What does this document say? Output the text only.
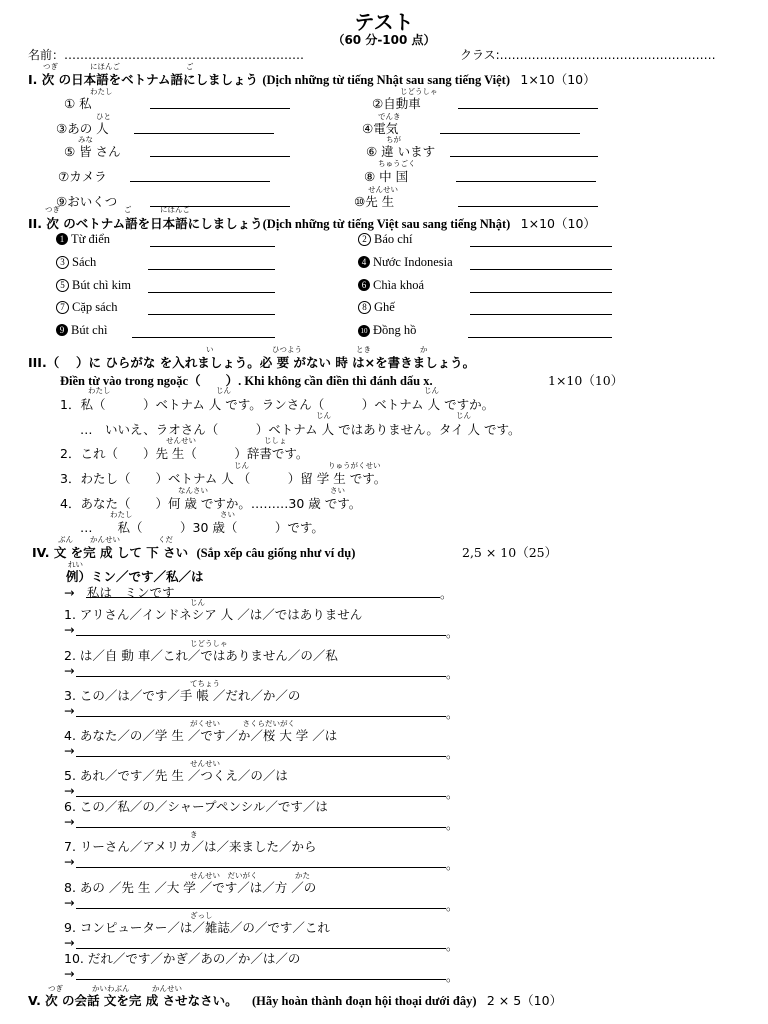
テスト
（60 分-100 点）
名前：……………………………………………………	クラス:………………………………………………
つぎ	にほんご	ご
I. 次 の日本語をベトナム語にしましょう (Dịch những từ tiếng Nhật sau sang tiếng Việt) 1×10（10）
わたし
① 私
じどうしゃ
②自動車
ひと
③あの 人
でんき
④電気
みな
⑤ 皆 さん
ちが
⑥ 違 います
⑦カメラ
ちゅうごく
⑧ 中 国
⑨おいくつ
せんせい
⑩先 生
つぎ	ご	にほんご
II. 次 のベトナム語を日本語にしましょう(Dịch những từ tiếng Việt sau sang tiếng Nhật) 1×10（10）
1 Từ điển	2 Báo chí
3 Sách	4 Nước Indonesia
5 Bút chì kim	6 Chìa khoá
7 Cặp sách	8 Ghế
9 Bút chì	10 Đồng hồ
い	ひつよう	とき	か
III.（　 ）に ひらがな を入れましょう。必 要 がない 時 は×を書きましょう。
Điền từ vào trong ngoặc（　　）. Khi không cần điền thì đánh dấu x.	1×10（10）
わたし	じん	じん
1．私（　　　）ベトナム 人 です。ランさん（　　　）ベトナム 人 ですか。
じん	じん
…　いいえ、ラオさん（　　　）ベトナム 人 ではありません。タイ 人 です。
せんせい	じしょ
2．これ（　　）先 生（　　　）辞書です。
じん	りゅうがくせい
3．わたし（　　）ベトナム 人 （　　　）留 学 生 です。
なんさい	さい
4．あなた（　　）何 歳 ですか。………30 歳 です。
わたし	さい
…　　私（　　　）30 歳（　　　）です。
ぶん かんせい	くだ
IV. 文 を完 成 して 下 さい (Sắp xếp câu giống như ví dụ)	2,5 × 10（25）
れい
例）ミン／です／私／は
→　私は　ミンです	。
じん
1. アリさん／インドネシア 人 ／は／ではありません
→	。
じどうしゃ
2. は／自 動 車／これ／ではありません／の／私
→	。
てちょう
3. この／は／です／手 帳 ／だれ／か／の
→	。
がくせい　　　さくらだいがく
4. あなた／の／学 生 ／です／か／桜 大 学 ／は
→	。
せんせい
5. あれ／です／先 生 ／つくえ／の／は
→	。
6. この／私／の／シャープペンシル／です／は
→	。
き
7. リーさん／アメリカ／は／来ました／から
→	。
せんせい　だいがく　　　　　かた
8. あの ／先 生 ／大 学 ／です／は／方 ／の
→	。
ざっし
9. コンピューター／は／雑誌／の／です／これ
→	。
10. だれ／です／かぎ／あの／か／は／の
→	。
つぎ	かいわぶん	かんせい
V. 次 の会話 文を完 成 させなさい。 (Hãy hoàn thành đoạn hội thoại dưới đây) 2 × 5（10）
